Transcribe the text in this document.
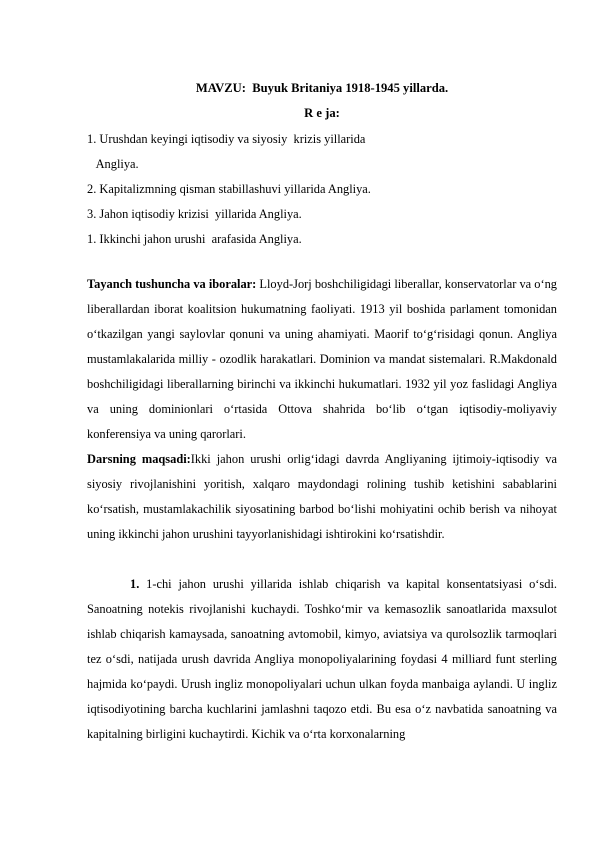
MAVZU:  Buyuk Britaniya 1918-1945 yillarda.
R e ja:
1. Urushdan keyingi iqtisodiy va siyosiy  krizis yillarida
Angliya.
2. Kapitalizmning qisman stabillashuvi yillarida Angliya.
3. Jahon iqtisodiy krizisi  yillarida Angliya.
1. Ikkinchi jahon urushi  arafasida Angliya.
Tayanch tushuncha va iboralar: Lloyd-Jorj boshchiligidagi liberallar, konservatorlar va o‘ng liberallardan iborat koalitsion hukumatning faoliyati. 1913 yil boshida parlament tomonidan o‘tkazilgan yangi saylovlar qonuni va uning ahamiyati. Maorif to‘g‘risidagi qonun. Angliya mustamlakalarida milliy - ozodlik harakatlari. Dominion va mandat sistemalari. R.Makdonald boshchiligidagi liberallarning birinchi va ikkinchi hukumatlari. 1932 yil yoz faslidagi Angliya va uning dominionlari o‘rtasida Ottova shahrida bo‘lib o‘tgan iqtisodiy-moliyaviy konferensiya va uning qarorlari.
Darsning maqsadi:Ikki jahon urushi orlig‘idagi davrda Angliyaning ijtimoiy-iqtisodiy va siyosiy rivojlanishini yoritish, xalqaro maydondagi rolining tushib ketishini sabablarini ko‘rsatish, mustamlakachilik siyosatining barbod bo‘lishi mohiyatini ochib berish va nihoyat uning ikkinchi jahon urushini tayyorlanishidagi ishtirokini ko‘rsatishdir.
1. 1-chi jahon urushi yillarida ishlab chiqarish va kapital konsentatsiyasi o‘sdi. Sanoatning notekis rivojlanishi kuchaydi. Toshko‘mir va kemasozlik sanoatlarida maxsulot ishlab chiqarish kamaysada, sanoatning avtomobil, kimyo, aviatsiya va qurolsozlik tarmoqlari tez o‘sdi, natijada urush davrida Angliya monopoliyalarining foydasi 4 milliard funt sterling hajmida ko‘paydi. Urush ingliz monopoliyalari uchun ulkan foyda manbaiga aylandi. U ingliz iqtisodiyotining barcha kuchlarini jamlashni taqozo etdi. Bu esa o‘z navbatida sanoatning va kapitalning birligini kuchaytirdi. Kichik va o‘rta korxonalarning
